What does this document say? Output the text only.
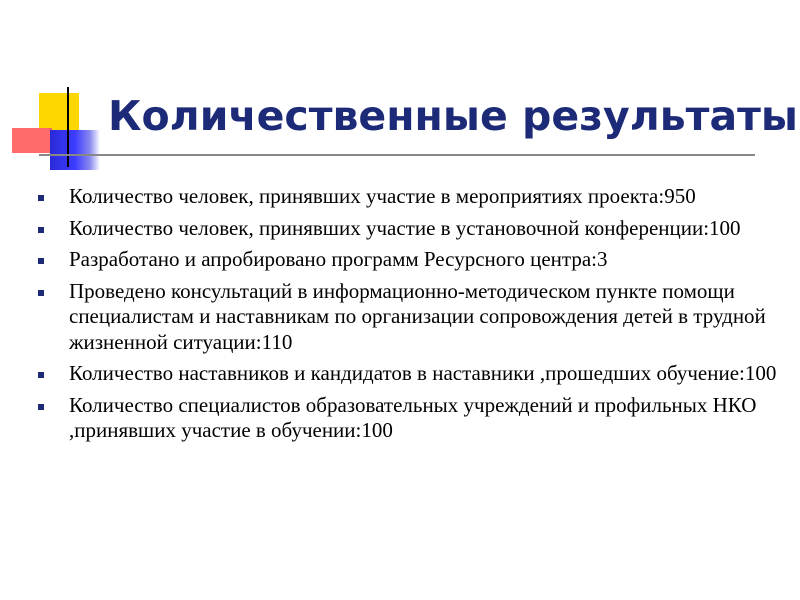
Количественные результаты
Количество человек, принявших участие в мероприятиях проекта:950
Количество человек, принявших участие в установочной конференции:100
Разработано и апробировано программ Ресурсного центра:3
Проведено консультаций в информационно-методическом пункте помощи специалистам и наставникам по организации сопровождения детей в трудной жизненной ситуации:110
Количество наставников и кандидатов в наставники ,прошедших обучение:100
Количество специалистов образовательных учреждений и профильных НКО ,принявших участие в обучении:100
